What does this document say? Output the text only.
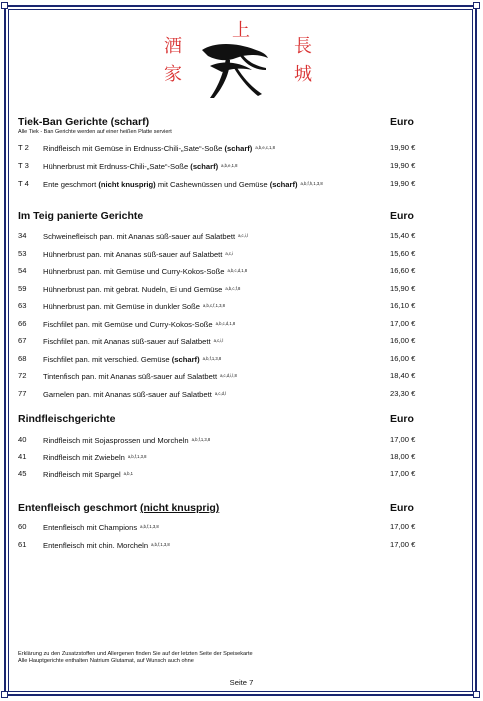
上
酒
家
長
城
Tiek-Ban Gerichte (scharf)	Euro
Alle Tiek - Ban Gerichte werden auf einer heißen Platte serviert
T 2 Rindfleisch mit Gemüse in Erdnuss-Chili-„Sate“-Soße (scharf) $^{a,b,e,c,1,8}$	19,90 €
T 3 Hühnerbrust mit Erdnuss-Chili-„Sate“-Soße (scharf) $^{a,b,e,1,8}$	19,90 €
T 4 Ente geschmort (nicht knusprig) mit Cashewnüssen und Gemüse (scharf) $^{a,b,f,h,1,3,8}$	19,90 €
Im Teig panierte Gerichte	Euro
34 Schweinefleisch pan. mit Ananas süß-sauer auf Salatbett $^{a,c,i,l}$	15,40 €
53 Hühnerbrust pan. mit Ananas süß-sauer auf Salatbett $^{a,c,i}$	15,60 €
54 Hühnerbrust pan. mit Gemüse und Curry-Kokos-Soße $^{a,b,c,d,1,8}$	16,60 €
59 Hühnerbrust pan. mit gebrat. Nudeln, Ei und Gemüse $^{a,b,c,f,8}$	15,90 €
63 Hühnerbrust pan. mit Gemüse in dunkler Soße $^{a,b,c,f,1,3,8}$	16,10 €
66 Fischfilet pan. mit Gemüse und Curry-Kokos-Soße $^{a,b,c,d,1,8}$	17,00 €
67 Fischfilet pan. mit Ananas süß-sauer auf Salatbett $^{a,c,i,l}$	16,00 €
68 Fischfilet pan. mit verschied. Gemüse (scharf) $^{a,b,f,1,3,8}$	16,00 €
72 Tintenfisch pan. mit Ananas süß-sauer auf Salatbett $^{a,c,d,i,l,8}$	18,40 €
77 Garnelen pan. mit Ananas süß-sauer auf Salatbett $^{a,c,d,l}$	23,30 €
Rindfleischgerichte	Euro
40 Rindfleisch mit Sojasprossen und Morcheln $^{a,b,f,1,3,8}$	17,00 €
41 Rindfleisch mit Zwiebeln $^{a,b,f,1,3,8}$	18,00 €
45 Rindfleisch mit Spargel $^{a,b,1}$	17,00 €
Entenfleisch geschmort (nicht knusprig)	Euro
60 Entenfleisch mit Champions $^{a,b,f,1,3,8}$	17,00 €
61 Entenfleisch mit chin. Morcheln $^{a,b,f,1,3,8}$	17,00 €
Erklärung zu den Zusatzstoffen und Allergenen finden Sie auf der letzten Seite der Speisekarte
Alle Hauptgerichte enthalten Natrium Glutamat, auf Wunsch auch ohne
Seite 7
